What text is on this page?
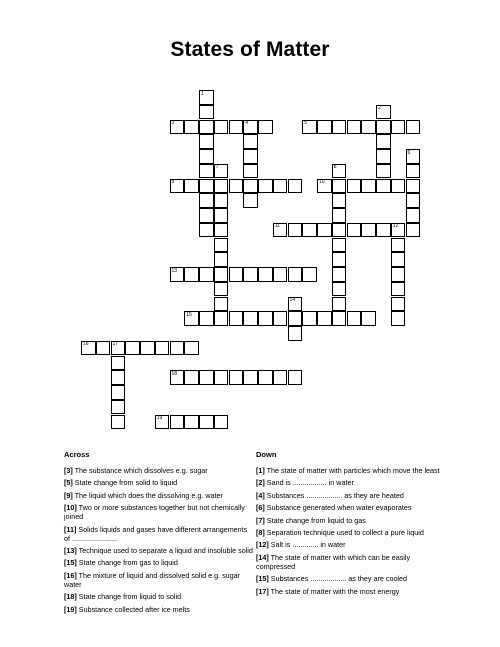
States of Matter
1
2
3	4	5
6
7	8
9	10
11	12
13
14
15
16	17
18
19
Across
[3] The substance which dissolves e.g. sugar
[5] State change from solid to liquid
[9] The liquid which does the dissolving e.g. water
[10] Two or more substances together but not chemically joined
[11] Solids liquids and gases have different arrangements of .......................
[13] Technique used to separate a liquid and insoluble solid
[15] State change from gas to liquid
[16] The mixture of liquid and dissolved solid e.g. sugar water
[18] State change from liquid to solid
[19] Substance collected after ice melts
Down
[1] The state of matter with particles which move the least
[2] Sand is ................. in water
[4] Substances .................. as they are heated
[6] Substance generated when water evaporates
[7] State change from liquid to gas
[8] Separation technique used to collect a pure liquid
[12] Salt is ............. in water
[14] The state of matter with which can be easily compressed
[15] Substances .................. as they are cooled
[17] The state of matter with the most energy
